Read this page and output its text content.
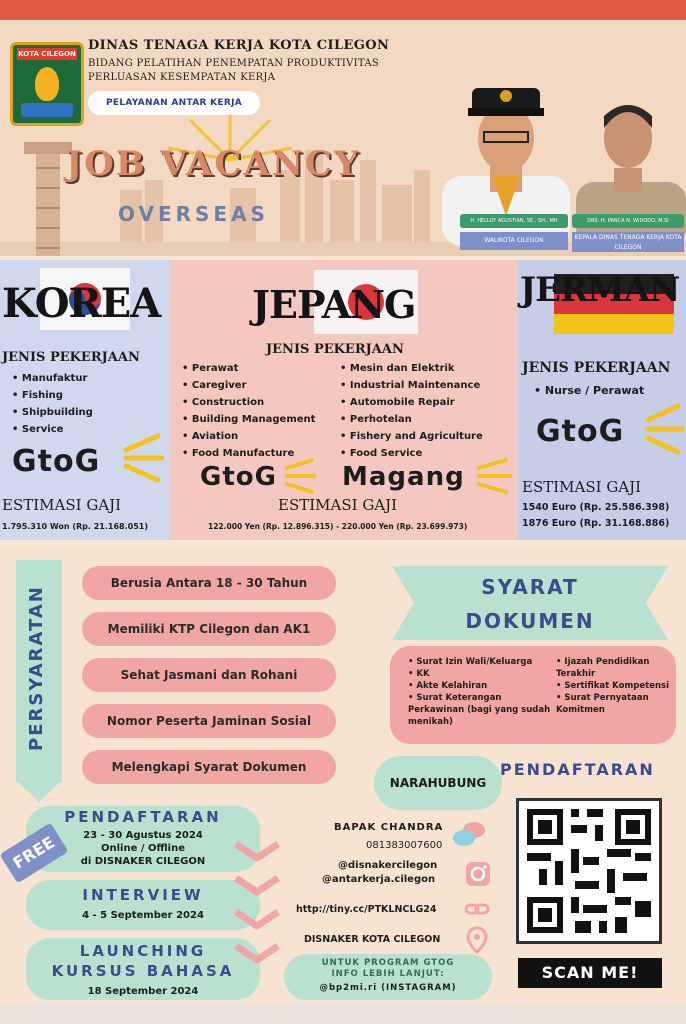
KOTA CILEGON
DINAS TENAGA KERJA KOTA CILEGON
BIDANG PELATIHAN PENEMPATAN PRODUKTIVITAS
PERLUASAN KESEMPATAN KERJA
PELAYANAN ANTAR KERJA
JOB VACANCY
OVERSEAS	H. HELLDY AGUSTIAN, SE., SH., MH
WALIKOTA CILEGON
DRS. H. PANCA N. WIDODO, M.SI
KEPALA DINAS TENAGA KERJA KOTA CILEGON
KOREA
JENIS PEKERJAAN
• Manufaktur
• Fishing
• Shipbuilding
• Service
GtoG
ESTIMASI GAJI
1.795.310 Won (Rp. 21.168.051)
JEPANG
JENIS PEKERJAAN
• Perawat
• Caregiver
• Construction
• Building Management
• Aviation
• Food Manufacture
• Mesin dan Elektrik
• Industrial Maintenance
• Automobile Repair
• Perhotelan
• Fishery and Agriculture
• Food Service
GtoG	Magang
ESTIMASI GAJI
122.000 Yen (Rp. 12.896.315) - 220.000 Yen (Rp. 23.699.973)
JERMAN
JENIS PEKERJAAN
• Nurse / Perawat
GtoG
ESTIMASI GAJI
1540 Euro (Rp. 25.586.398)
1876 Euro (Rp. 31.168.886)
PERSYARATAN
Berusia Antara 18 - 30 Tahun
Memiliki KTP Cilegon dan AK1
Sehat Jasmani dan Rohani
Nomor Peserta Jaminan Sosial
Melengkapi Syarat Dokumen
SYARAT
DOKUMEN
• Surat Izin Wali/Keluarga
• KK
• Akte Kelahiran
• Surat Keterangan Perkawinan (bagi yang sudah menikah)
• Ijazah Pendidikan Terakhir
• Sertifikat Kompetensi
• Surat Pernyataan Komitmen
NARAHUBUNG
PENDAFTARAN
SCAN ME!
BAPAK CHANDRA
081383007600
@disnakercilegon
@antarkerja.cilegon
http://tiny.cc/PTKLNCLG24
DISNAKER KOTA CILEGON
UNTUK PROGRAM GTOG
INFO LEBIH LANJUT:
@bp2mi.ri (INSTAGRAM)
PENDAFTARAN
23 - 30 Agustus 2024
Online / Offline
di DISNAKER CILEGON
FREE
INTERVIEW
4 - 5 September 2024
LAUNCHING
KURSUS BAHASA
18 September 2024
